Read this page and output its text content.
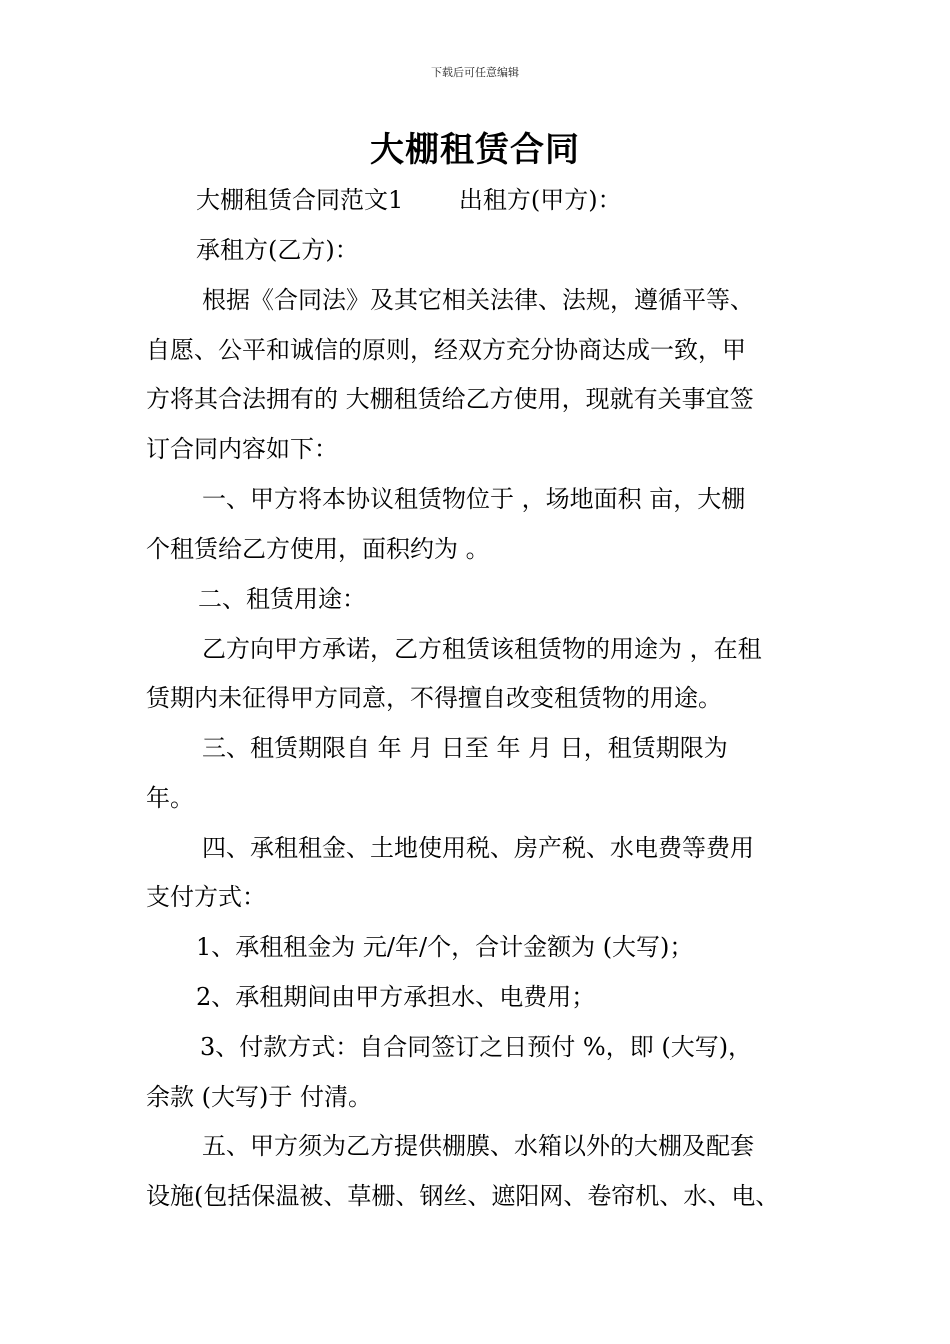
下载后可任意编辑
大棚租赁合同
大棚租赁合同范文1　　 出租方(甲方)：
承租方(乙方)：
根据《合同法》及其它相关法律、法规，遵循平等、
自愿、公平和诚信的原则，经双方充分协商达成一致，甲
方将其合法拥有的 大棚租赁给乙方使用，现就有关事宜签
订合同内容如下：
一、甲方将本协议租赁物位于 ，场地面积 亩，大棚
个租赁给乙方使用，面积约为 。
二、租赁用途：
乙方向甲方承诺，乙方租赁该租赁物的用途为 ，在租
赁期内未征得甲方同意，不得擅自改变租赁物的用途。
三、租赁期限自 年 月 日至 年 月 日，租赁期限为
年。
四、承租租金、土地使用税、房产税、水电费等费用
支付方式：
1、承租租金为 元/年/个，合计金额为 (大写)；
2、承租期间由甲方承担水、电费用；
3、付款方式：自合同签订之日预付 %，即 (大写)，
余款 (大写)于 付清。
五、甲方须为乙方提供棚膜、水箱以外的大棚及配套
设施(包括保温被、草栅、钢丝、遮阳网、卷帘机、水、电、
